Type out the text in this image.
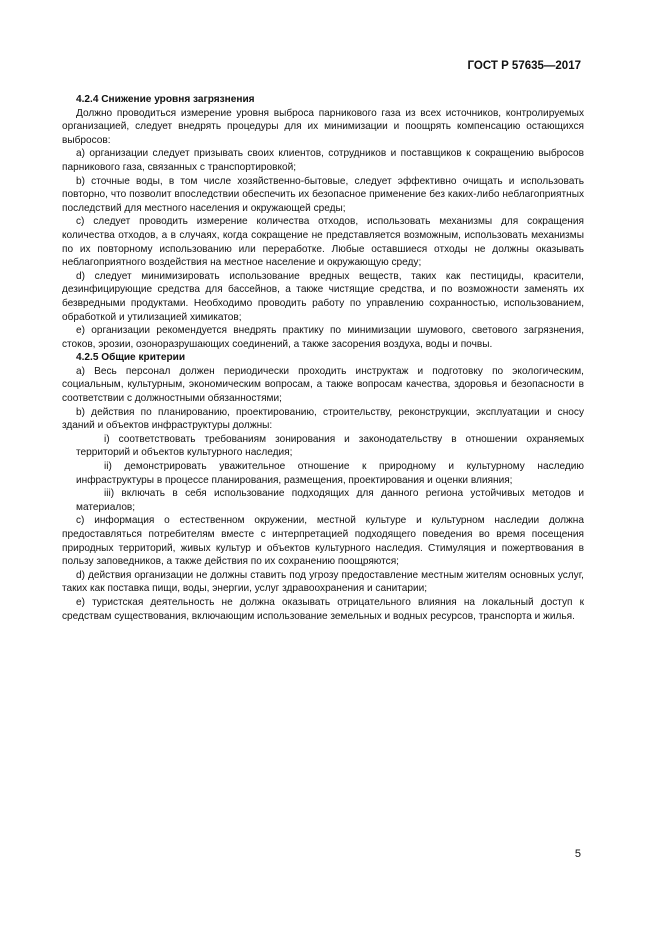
ГОСТ Р 57635—2017

4.2.4 Снижение уровня загрязнения

Должно проводиться измерение уровня выброса парникового газа из всех источников, контролируемых организацией, следует внедрять процедуры для их минимизации и поощрять компенсацию остающихся выбросов:

a) организации следует призывать своих клиентов, сотрудников и поставщиков к сокращению выбросов парникового газа, связанных с транспортировкой;

b) сточные воды, в том числе хозяйственно-бытовые, следует эффективно очищать и использовать повторно, что позволит впоследствии обеспечить их безопасное применение без каких-либо неблагоприятных последствий для местного населения и окружающей среды;

c) следует проводить измерение количества отходов, использовать механизмы для сокращения количества отходов, а в случаях, когда сокращение не представляется возможным, использовать механизмы по их повторному использованию или переработке. Любые оставшиеся отходы не должны оказывать неблагоприятного воздействия на местное население и окружающую среду;

d) следует минимизировать использование вредных веществ, таких как пестициды, красители, дезинфицирующие средства для бассейнов, а также чистящие средства, и по возможности заменять их безвредными продуктами. Необходимо проводить работу по управлению сохранностью, использованием, обработкой и утилизацией химикатов;

e) организации рекомендуется внедрять практику по минимизации шумового, светового загрязнения, стоков, эрозии, озоноразрушающих соединений, а также засорения воздуха, воды и почвы.

4.2.5 Общие критерии

a) Весь персонал должен периодически проходить инструктаж и подготовку по экологическим, социальным, культурным, экономическим вопросам, а также вопросам качества, здоровья и безопасности в соответствии с должностными обязанностями;

b) действия по планированию, проектированию, строительству, реконструкции, эксплуатации и сносу зданий и объектов инфраструктуры должны:

i) соответствовать требованиям зонирования и законодательству в отношении охраняемых территорий и объектов культурного наследия;

ii) демонстрировать уважительное отношение к природному и культурному наследию инфраструктуры в процессе планирования, размещения, проектирования и оценки влияния;

iii) включать в себя использование подходящих для данного региона устойчивых методов и материалов;

c) информация о естественном окружении, местной культуре и культурном наследии должна предоставляться потребителям вместе с интерпретацией подходящего поведения во время посещения природных территорий, живых культур и объектов культурного наследия. Стимуляция и пожертвования в пользу заповедников, а также действия по их сохранению поощряются;

d) действия организации не должны ставить под угрозу предоставление местным жителям основных услуг, таких как поставка пищи, воды, энергии, услуг здравоохранения и санитарии;

e) туристская деятельность не должна оказывать отрицательного влияния на локальный доступ к средствам существования, включающим использование земельных и водных ресурсов, транспорта и жилья.

5
